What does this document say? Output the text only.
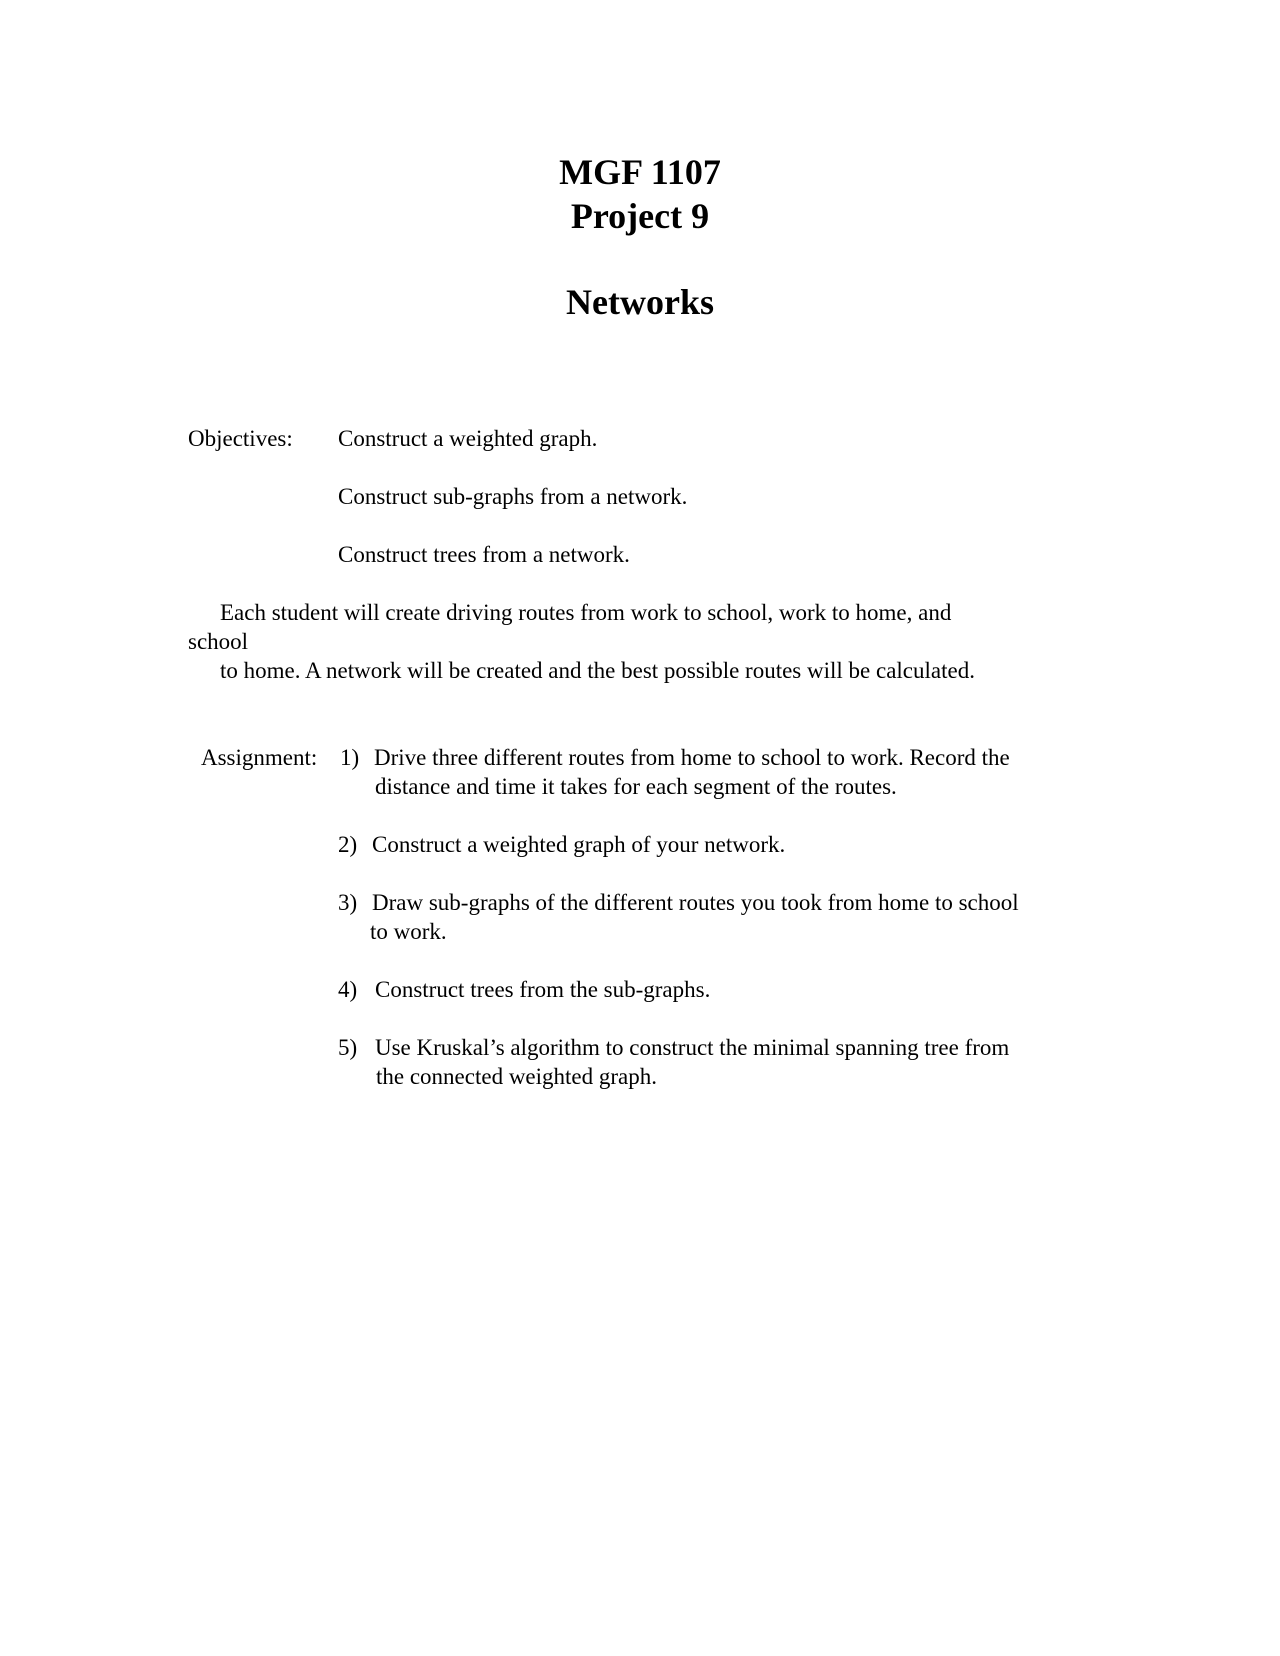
MGF 1107
Project 9
Networks
Objectives: Construct a weighted graph.
Construct sub-graphs from a network.
Construct trees from a network.
Each student will create driving routes from work to school, work to home, and
school
to home. A network will be created and the best possible routes will be calculated.
Assignment: 1) Drive three different routes from home to school to work. Record the
distance and time it takes for each segment of the routes.
2) Construct a weighted graph of your network.
3) Draw sub-graphs of the different routes you took from home to school
to work.
4) Construct trees from the sub-graphs.
5) Use Kruskal’s algorithm to construct the minimal spanning tree from
the connected weighted graph.
